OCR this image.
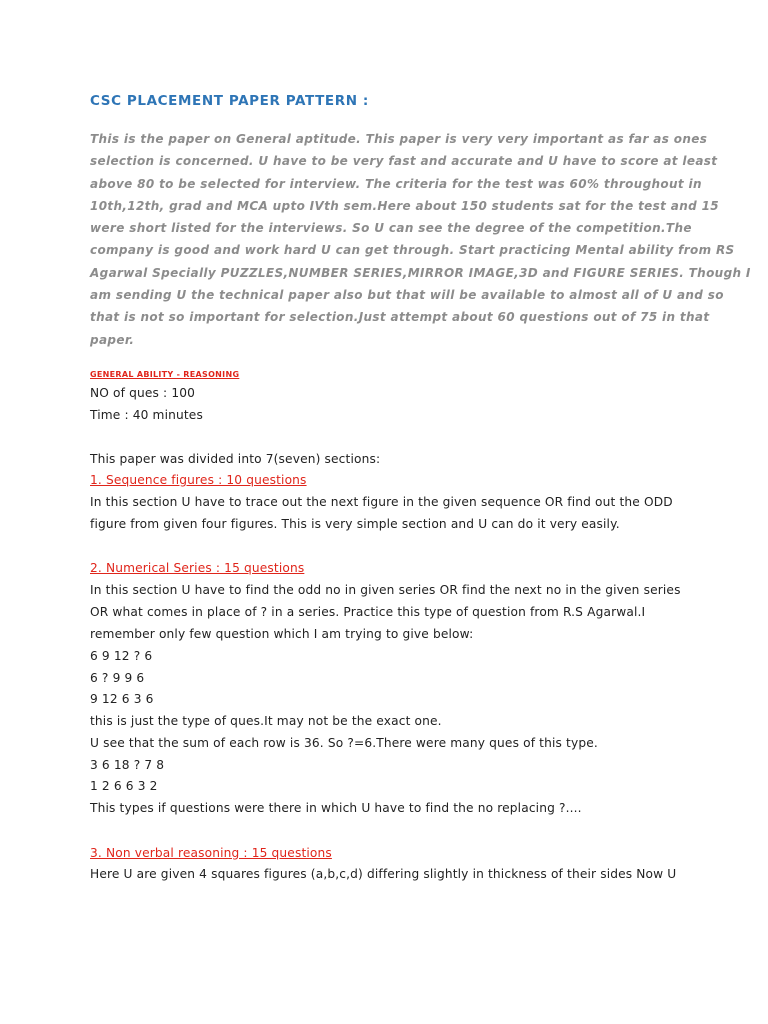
CSC PLACEMENT PAPER PATTERN :
This is the paper on General aptitude. This paper is very very important as far as ones
selection is concerned. U have to be very fast and accurate and U have to score at least
above 80 to be selected for interview. The criteria for the test was 60% throughout in
10th,12th, grad and MCA upto IVth sem.Here about 150 students sat for the test and 15
were short listed for the interviews. So U can see the degree of the competition.The
company is good and work hard U can get through. Start practicing Mental ability from RS
Agarwal Specially PUZZLES,NUMBER SERIES,MIRROR IMAGE,3D and FIGURE SERIES. Though I
am sending U the technical paper also but that will be available to almost all of U and so
that is not so important for selection.Just attempt about 60 questions out of 75 in that
paper.
GENERAL ABILITY - REASONING
NO of ques : 100
Time : 40 minutes
This paper was divided into 7(seven) sections:
1. Sequence figures : 10 questions
In this section U have to trace out the next figure in the given sequence OR find out the ODD
figure from given four figures. This is very simple section and U can do it very easily.
2. Numerical Series : 15 questions
In this section U have to find the odd no in given series OR find the next no in the given series
OR what comes in place of ? in a series. Practice this type of question from R.S Agarwal.I
remember only few question which I am trying to give below:
6 9 12 ? 6
6 ? 9 9 6
9 12 6 3 6
this is just the type of ques.It may not be the exact one.
U see that the sum of each row is 36. So ?=6.There were many ques of this type.
3 6 18 ? 7 8
1 2 6 6 3 2
This types if questions were there in which U have to find the no replacing ?....
3. Non verbal reasoning : 15 questions
Here U are given 4 squares figures (a,b,c,d) differing slightly in thickness of their sides Now U
